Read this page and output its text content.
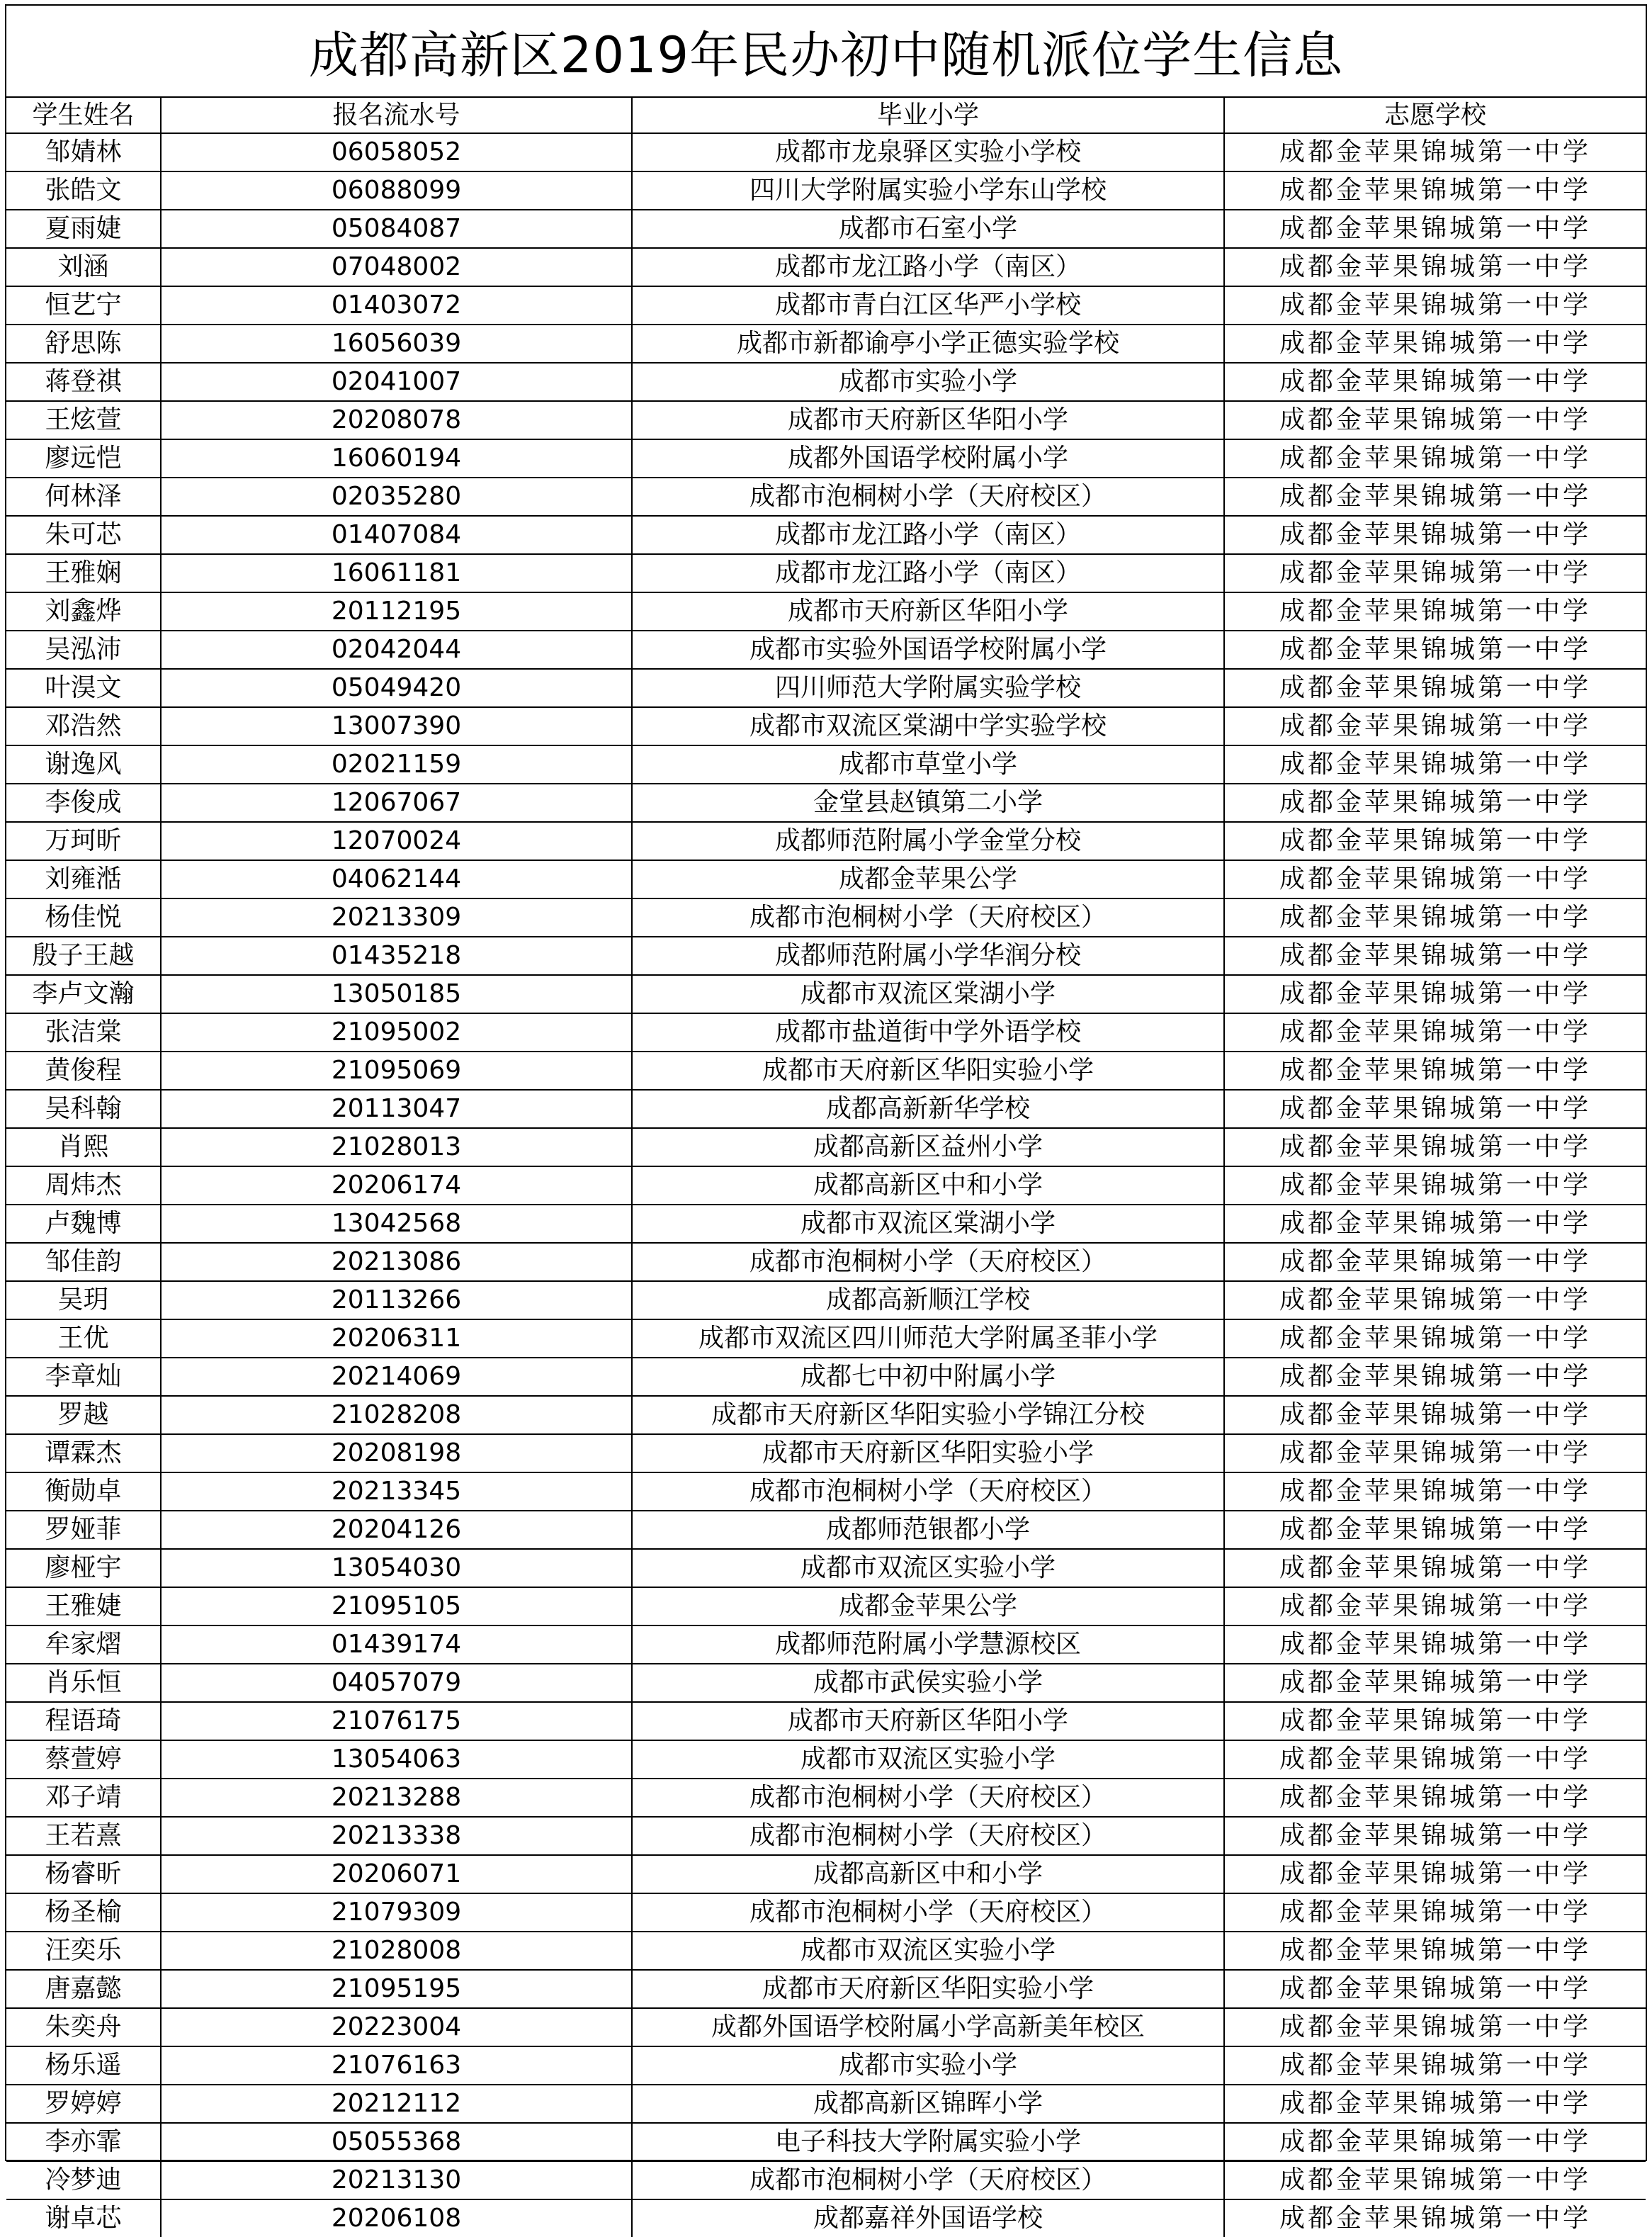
成都高新区2019年民办初中随机派位学生信息
学生姓名	报名流水号	毕业小学	志愿学校
邹婧林	06058052	成都市龙泉驿区实验小学校	成都金苹果锦城第一中学
张皓文	06088099	四川大学附属实验小学东山学校	成都金苹果锦城第一中学
夏雨婕	05084087	成都市石室小学	成都金苹果锦城第一中学
刘涵	07048002	成都市龙江路小学（南区）	成都金苹果锦城第一中学
恒艺宁	01403072	成都市青白江区华严小学校	成都金苹果锦城第一中学
舒思陈	16056039	成都市新都谕亭小学正德实验学校	成都金苹果锦城第一中学
蒋登祺	02041007	成都市实验小学	成都金苹果锦城第一中学
王炫萱	20208078	成都市天府新区华阳小学	成都金苹果锦城第一中学
廖远恺	16060194	成都外国语学校附属小学	成都金苹果锦城第一中学
何林泽	02035280	成都市泡桐树小学（天府校区）	成都金苹果锦城第一中学
朱可芯	01407084	成都市龙江路小学（南区）	成都金苹果锦城第一中学
王雅娴	16061181	成都市龙江路小学（南区）	成都金苹果锦城第一中学
刘鑫烨	20112195	成都市天府新区华阳小学	成都金苹果锦城第一中学
吴泓沛	02042044	成都市实验外国语学校附属小学	成都金苹果锦城第一中学
叶淏文	05049420	四川师范大学附属实验学校	成都金苹果锦城第一中学
邓浩然	13007390	成都市双流区棠湖中学实验学校	成都金苹果锦城第一中学
谢逸风	02021159	成都市草堂小学	成都金苹果锦城第一中学
李俊成	12067067	金堂县赵镇第二小学	成都金苹果锦城第一中学
万珂昕	12070024	成都师范附属小学金堂分校	成都金苹果锦城第一中学
刘雍湉	04062144	成都金苹果公学	成都金苹果锦城第一中学
杨佳悦	20213309	成都市泡桐树小学（天府校区）	成都金苹果锦城第一中学
殷子王越	01435218	成都师范附属小学华润分校	成都金苹果锦城第一中学
李卢文瀚	13050185	成都市双流区棠湖小学	成都金苹果锦城第一中学
张洁棠	21095002	成都市盐道街中学外语学校	成都金苹果锦城第一中学
黄俊程	21095069	成都市天府新区华阳实验小学	成都金苹果锦城第一中学
吴科翰	20113047	成都高新新华学校	成都金苹果锦城第一中学
肖熙	21028013	成都高新区益州小学	成都金苹果锦城第一中学
周炜杰	20206174	成都高新区中和小学	成都金苹果锦城第一中学
卢魏博	13042568	成都市双流区棠湖小学	成都金苹果锦城第一中学
邹佳韵	20213086	成都市泡桐树小学（天府校区）	成都金苹果锦城第一中学
吴玥	20113266	成都高新顺江学校	成都金苹果锦城第一中学
王优	20206311	成都市双流区四川师范大学附属圣菲小学	成都金苹果锦城第一中学
李章灿	20214069	成都七中初中附属小学	成都金苹果锦城第一中学
罗越	21028208	成都市天府新区华阳实验小学锦江分校	成都金苹果锦城第一中学
谭霖杰	20208198	成都市天府新区华阳实验小学	成都金苹果锦城第一中学
衡勋卓	20213345	成都市泡桐树小学（天府校区）	成都金苹果锦城第一中学
罗娅菲	20204126	成都师范银都小学	成都金苹果锦城第一中学
廖桠宇	13054030	成都市双流区实验小学	成都金苹果锦城第一中学
王雅婕	21095105	成都金苹果公学	成都金苹果锦城第一中学
牟家熠	01439174	成都师范附属小学慧源校区	成都金苹果锦城第一中学
肖乐恒	04057079	成都市武侯实验小学	成都金苹果锦城第一中学
程语琦	21076175	成都市天府新区华阳小学	成都金苹果锦城第一中学
蔡萱婷	13054063	成都市双流区实验小学	成都金苹果锦城第一中学
邓子靖	20213288	成都市泡桐树小学（天府校区）	成都金苹果锦城第一中学
王若熹	20213338	成都市泡桐树小学（天府校区）	成都金苹果锦城第一中学
杨睿昕	20206071	成都高新区中和小学	成都金苹果锦城第一中学
杨圣榆	21079309	成都市泡桐树小学（天府校区）	成都金苹果锦城第一中学
汪奕乐	21028008	成都市双流区实验小学	成都金苹果锦城第一中学
唐嘉懿	21095195	成都市天府新区华阳实验小学	成都金苹果锦城第一中学
朱奕舟	20223004	成都外国语学校附属小学高新美年校区	成都金苹果锦城第一中学
杨乐遥	21076163	成都市实验小学	成都金苹果锦城第一中学
罗婷婷	20212112	成都高新区锦晖小学	成都金苹果锦城第一中学
李亦霏	05055368	电子科技大学附属实验小学	成都金苹果锦城第一中学
冷梦迪	20213130	成都市泡桐树小学（天府校区）	成都金苹果锦城第一中学
谢卓芯	20206108	成都嘉祥外国语学校	成都金苹果锦城第一中学
